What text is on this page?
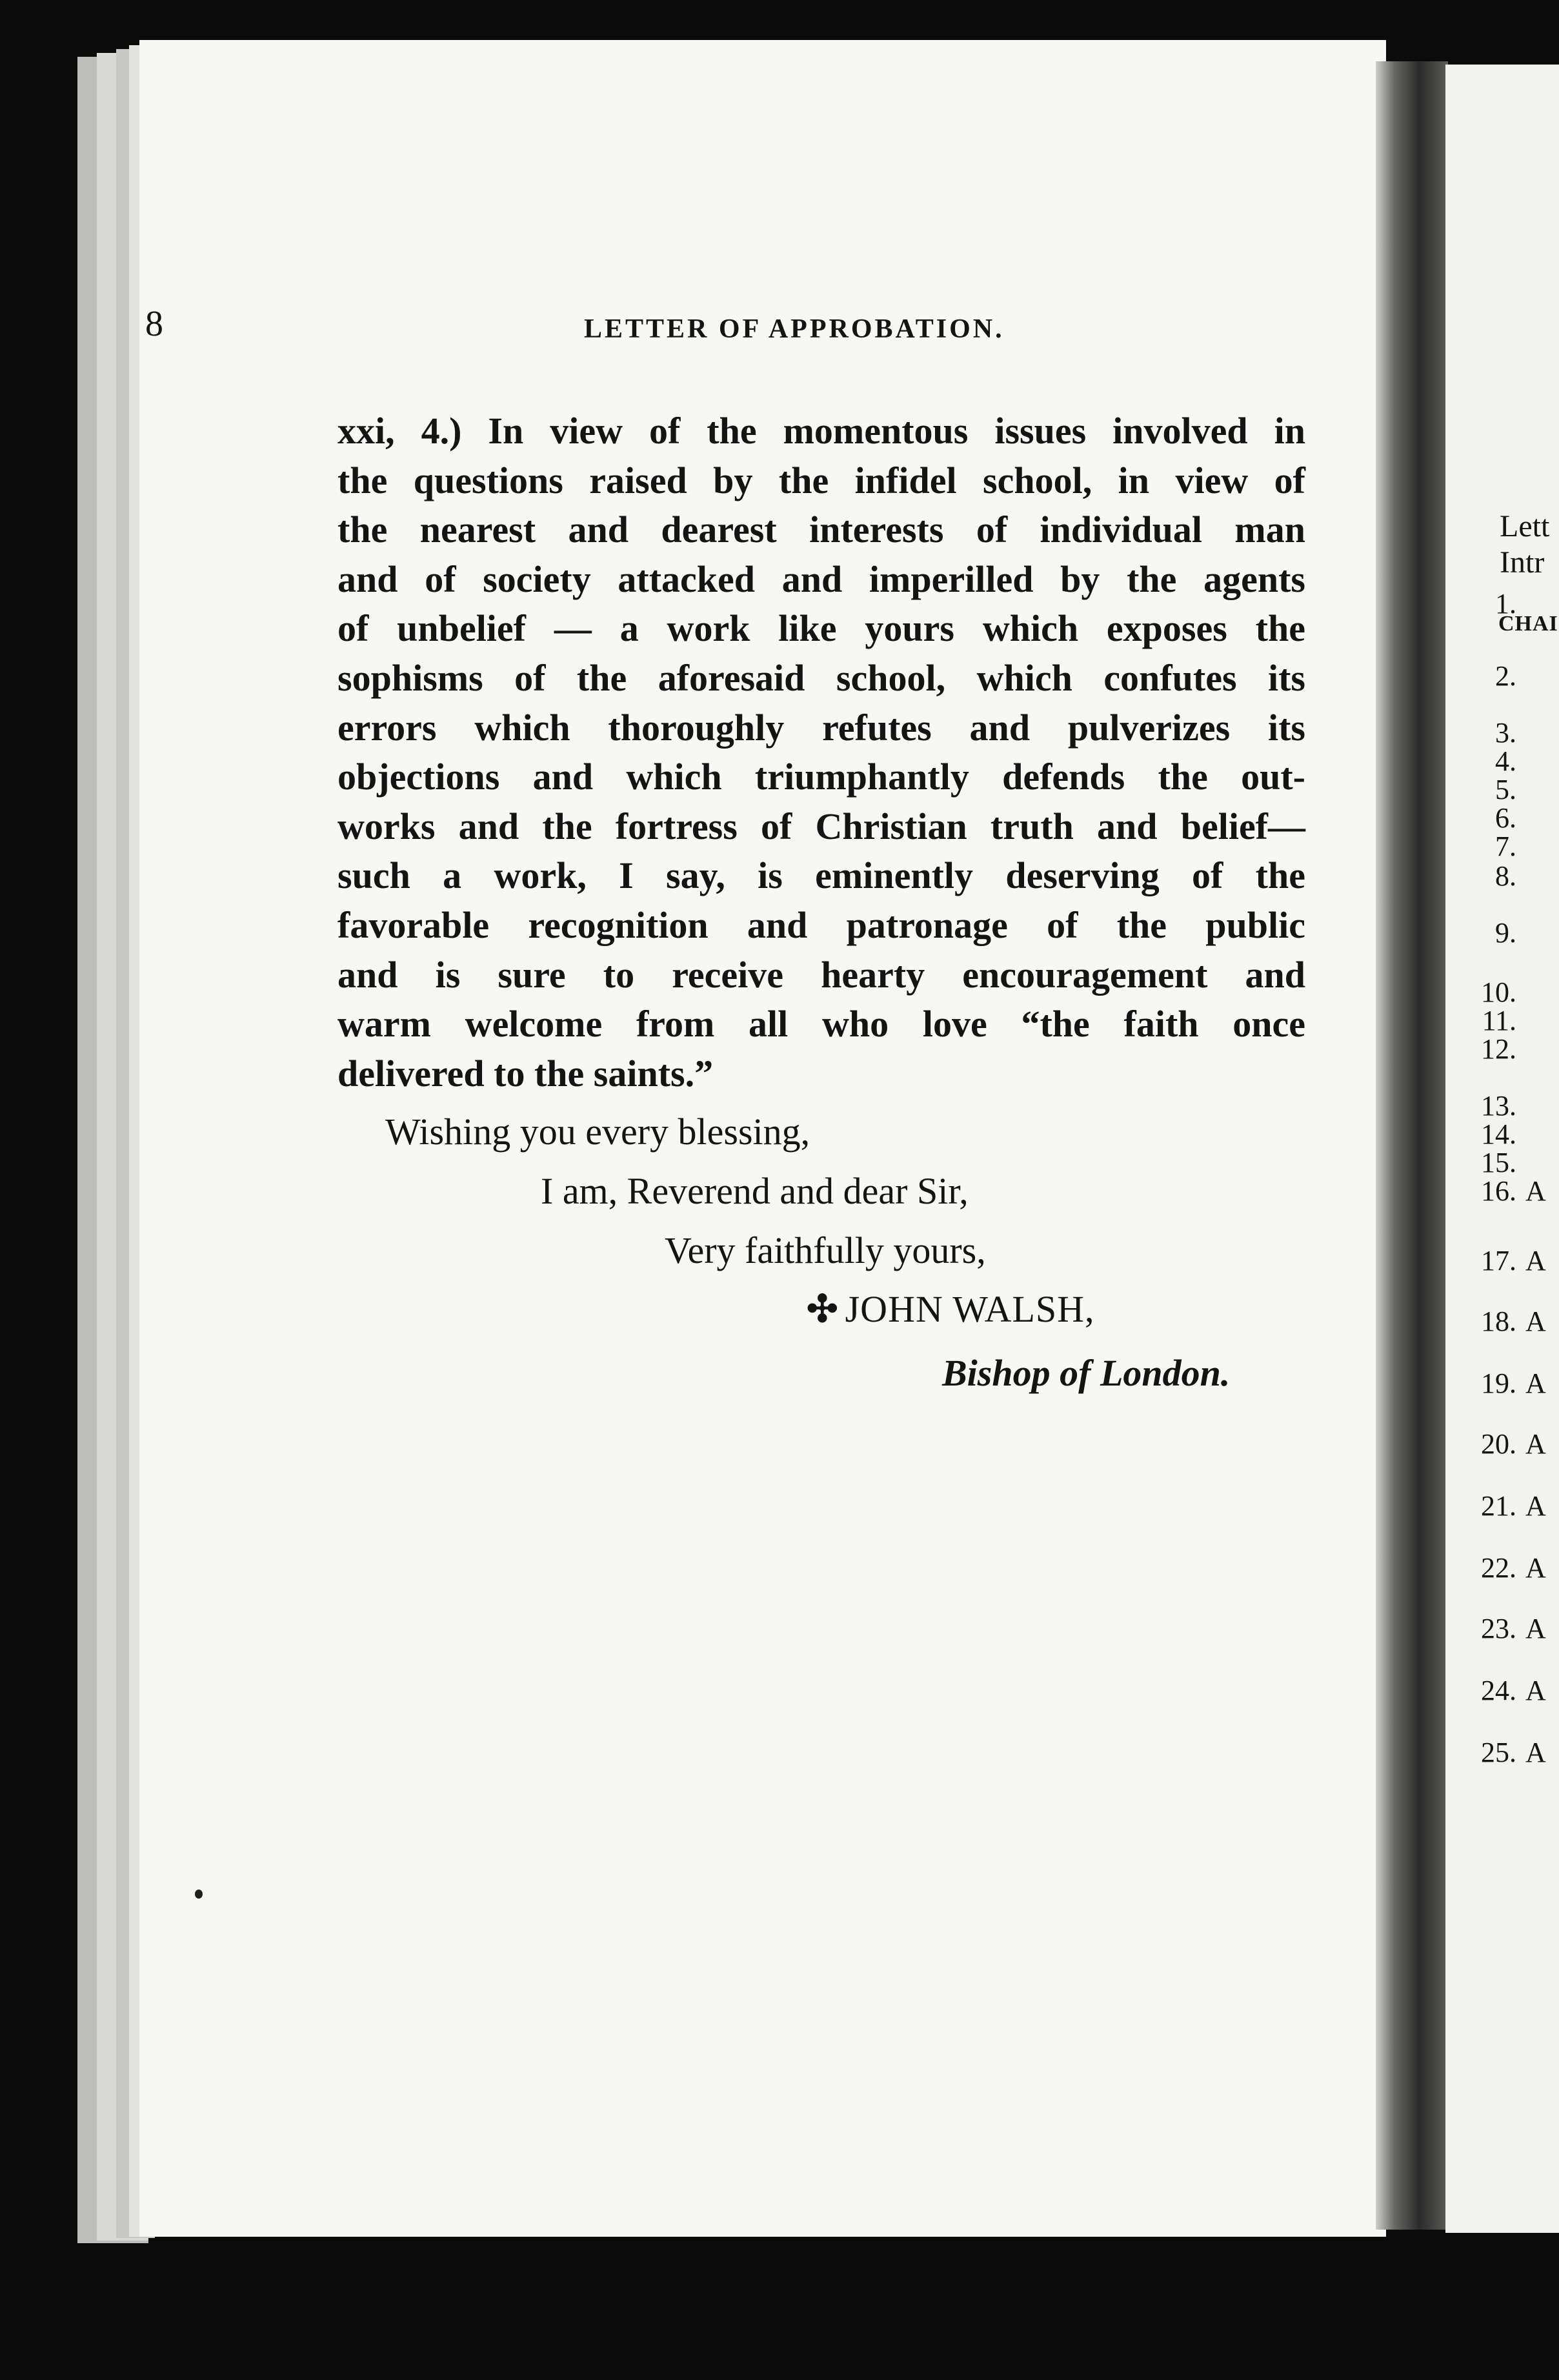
8	LETTER OF APPROBATION.
xxi, 4.) In view of the momentous issues involved in
the questions raised by the infidel school, in view of
the nearest and dearest interests of individual man
and of society attacked and imperilled by the agents
of unbelief — a work like yours which exposes the
sophisms of the aforesaid school, which confutes its
errors which thoroughly refutes and pulverizes its
objections and which triumphantly defends the out-
works and the fortress of Christian truth and belief—
such a work, I say, is eminently deserving of the
favorable recognition and patronage of the public
and is sure to receive hearty encouragement and
warm welcome from all who love “the faith once
delivered to the saints.”
Wishing you every blessing,
I am, Reverend and dear Sir,
Very faithfully yours,
✣ JOHN WALSH,
Bishop of London.
Lett
Intr
CHAI
1.
2.
3.
4.
5.
6.
7.
8.
9.
10.
11.
12.
13.
14.
15.
16. A
17. A
18. A
19. A
20. A
21. A
22. A
23. A
24. A
25. A
